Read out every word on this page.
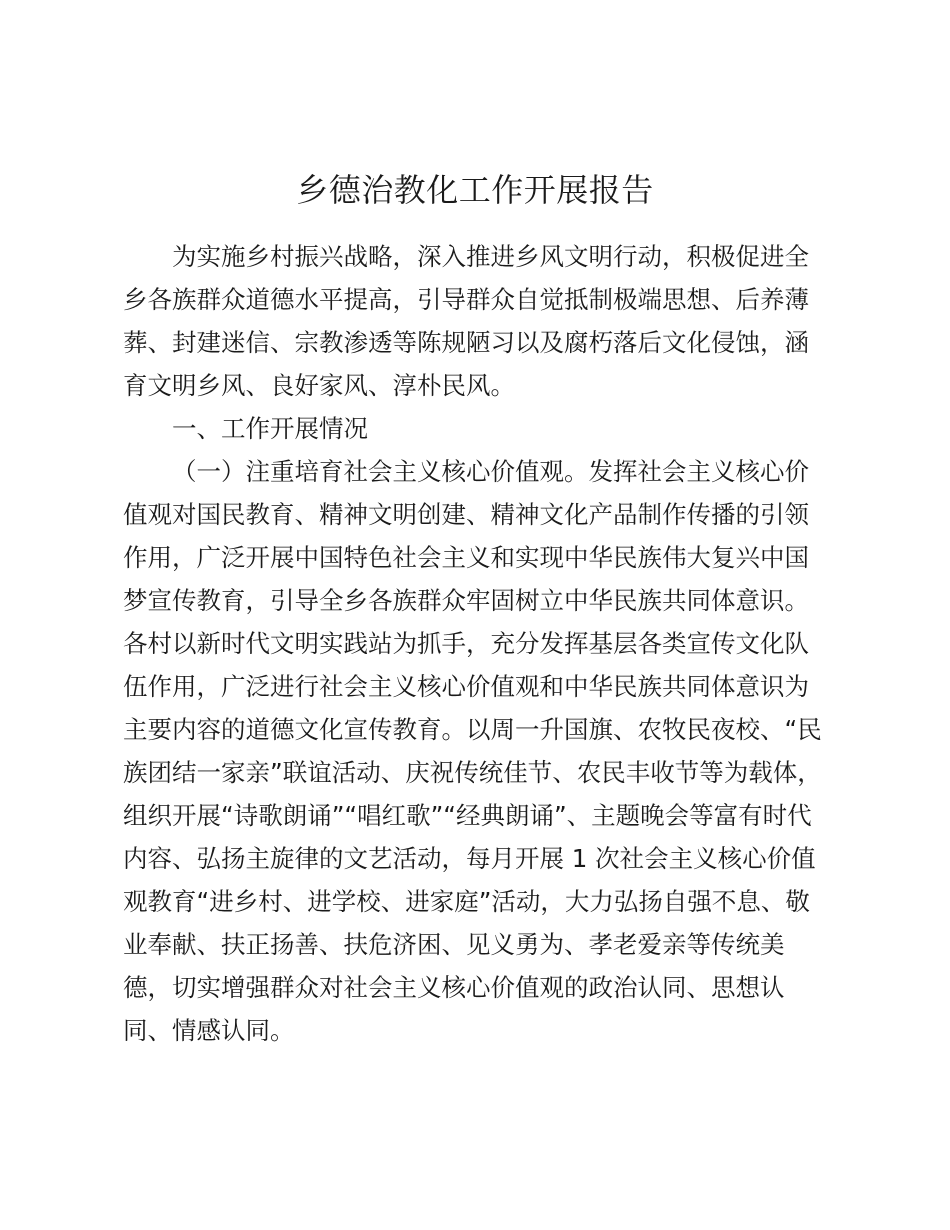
乡德治教化工作开展报告
为实施乡村振兴战略，深入推进乡风文明行动，积极促进全
乡各族群众道德水平提高，引导群众自觉抵制极端思想、后养薄
葬、封建迷信、宗教渗透等陈规陋习以及腐朽落后文化侵蚀，涵
育文明乡风、良好家风、淳朴民风。
一、工作开展情况
（一）注重培育社会主义核心价值观。发挥社会主义核心价
值观对国民教育、精神文明创建、精神文化产品制作传播的引领
作用，广泛开展中国特色社会主义和实现中华民族伟大复兴中国
梦宣传教育，引导全乡各族群众牢固树立中华民族共同体意识。
各村以新时代文明实践站为抓手，充分发挥基层各类宣传文化队
伍作用，广泛进行社会主义核心价值观和中华民族共同体意识为
主要内容的道德文化宣传教育。以周一升国旗、农牧民夜校、“民
族团结一家亲”联谊活动、庆祝传统佳节、农民丰收节等为载体，
组织开展“诗歌朗诵”“唱红歌”“经典朗诵”、主题晚会等富有时代
内容、弘扬主旋律的文艺活动，每月开展 1 次社会主义核心价值
观教育“进乡村、进学校、进家庭”活动，大力弘扬自强不息、敬
业奉献、扶正扬善、扶危济困、见义勇为、孝老爱亲等传统美
德，切实增强群众对社会主义核心价值观的政治认同、思想认
同、情感认同。
